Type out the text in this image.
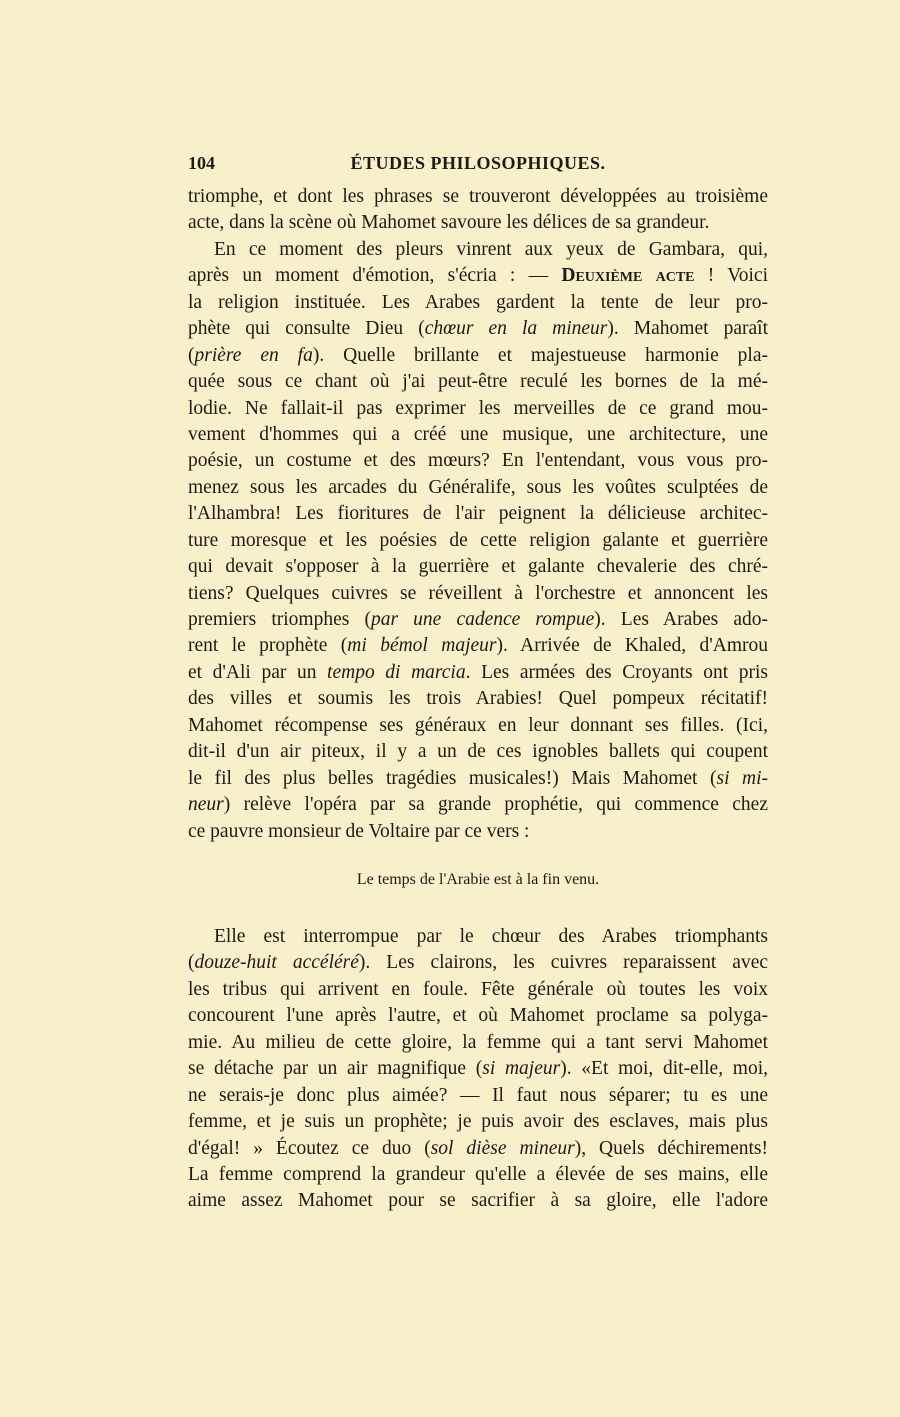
104	ÉTUDES PHILOSOPHIQUES.
triomphe, et dont les phrases se trouveront développées au troisième
acte, dans la scène où Mahomet savoure les délices de sa grandeur.
En ce moment des pleurs vinrent aux yeux de Gambara, qui,
après un moment d'émotion, s'écria : — Deuxième acte ! Voici
la religion instituée. Les Arabes gardent la tente de leur pro-
phète qui consulte Dieu (chœur en la mineur). Mahomet paraît
(prière en fa). Quelle brillante et majestueuse harmonie pla-
quée sous ce chant où j'ai peut-être reculé les bornes de la mé-
lodie. Ne fallait-il pas exprimer les merveilles de ce grand mou-
vement d'hommes qui a créé une musique, une architecture, une
poésie, un costume et des mœurs? En l'entendant, vous vous pro-
menez sous les arcades du Généralife, sous les voûtes sculptées de
l'Alhambra! Les fioritures de l'air peignent la délicieuse architec-
ture moresque et les poésies de cette religion galante et guerrière
qui devait s'opposer à la guerrière et galante chevalerie des chré-
tiens? Quelques cuivres se réveillent à l'orchestre et annoncent les
premiers triomphes (par une cadence rompue). Les Arabes ado-
rent le prophète (mi bémol majeur). Arrivée de Khaled, d'Amrou
et d'Ali par un tempo di marcia. Les armées des Croyants ont pris
des villes et soumis les trois Arabies! Quel pompeux récitatif!
Mahomet récompense ses généraux en leur donnant ses filles. (Ici,
dit-il d'un air piteux, il y a un de ces ignobles ballets qui coupent
le fil des plus belles tragédies musicales!) Mais Mahomet (si mi-
neur) relève l'opéra par sa grande prophétie, qui commence chez
ce pauvre monsieur de Voltaire par ce vers :
Le temps de l'Arabie est à la fin venu.
Elle est interrompue par le chœur des Arabes triomphants
(douze-huit accéléré). Les clairons, les cuivres reparaissent avec
les tribus qui arrivent en foule. Fête générale où toutes les voix
concourent l'une après l'autre, et où Mahomet proclame sa polyga-
mie. Au milieu de cette gloire, la femme qui a tant servi Mahomet
se détache par un air magnifique (si majeur). «Et moi, dit-elle, moi,
ne serais-je donc plus aimée? — Il faut nous séparer; tu es une
femme, et je suis un prophète; je puis avoir des esclaves, mais plus
d'égal! » Écoutez ce duo (sol dièse mineur), Quels déchirements!
La femme comprend la grandeur qu'elle a élevée de ses mains, elle
aime assez Mahomet pour se sacrifier à sa gloire, elle l'adore
